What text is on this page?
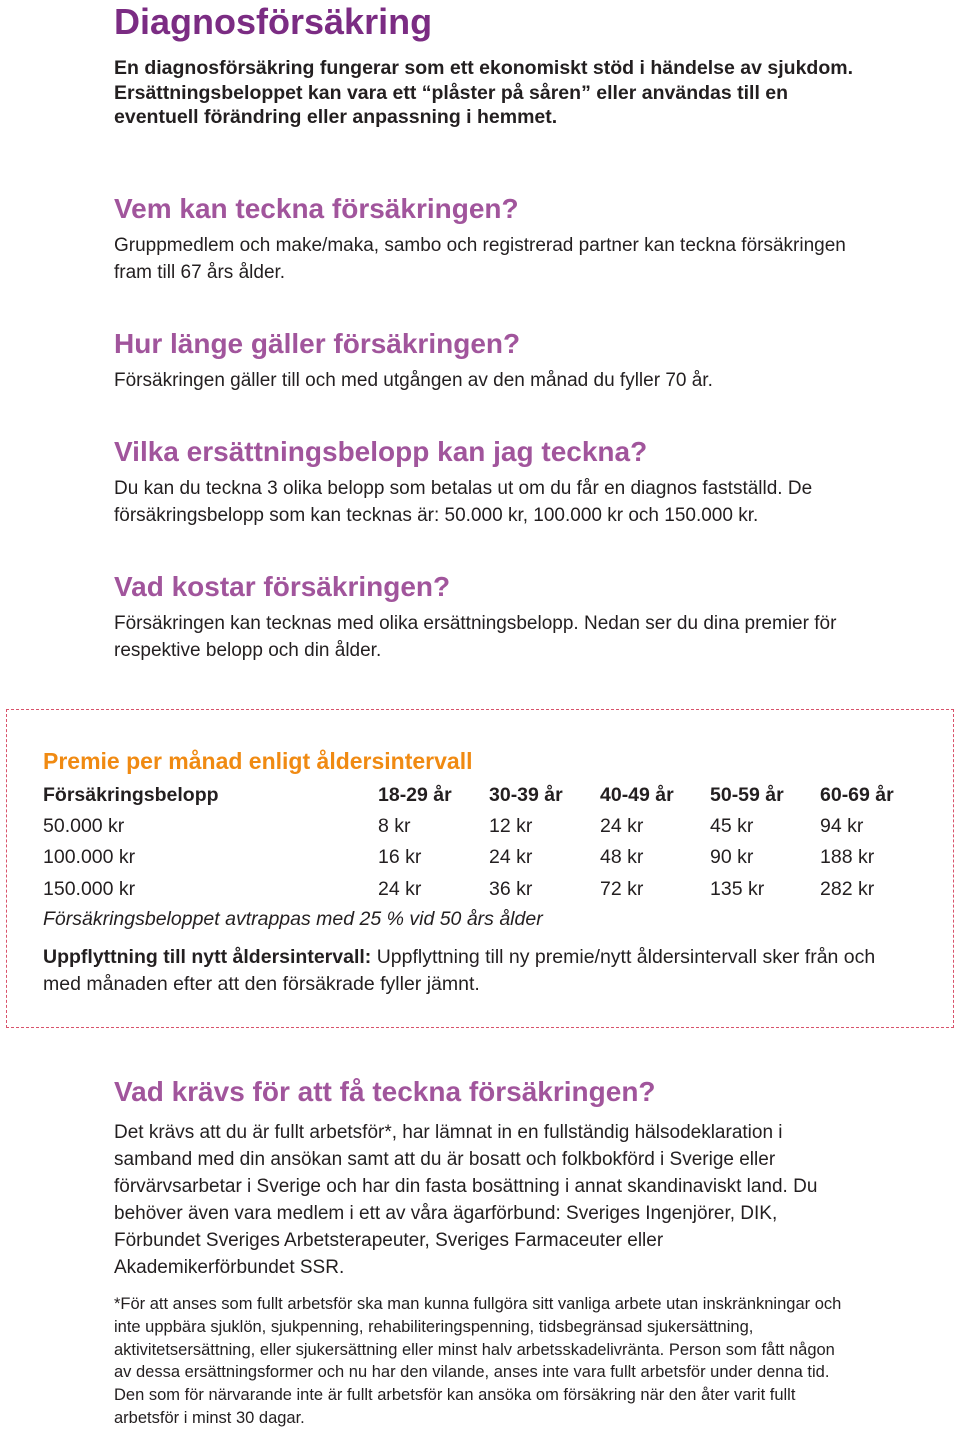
Diagnosförsäkring

En diagnosförsäkring fungerar som ett ekonomiskt stöd i händelse av sjukdom. Ersättningsbeloppet kan vara ett “plåster på såren” eller användas till en eventuell förändring eller anpassning i hemmet.

Vem kan teckna försäkringen?

Gruppmedlem och make/maka, sambo och registrerad partner kan teckna försäkringen fram till 67 års ålder.

Hur länge gäller försäkringen?

Försäkringen gäller till och med utgången av den månad du fyller 70 år.

Vilka ersättningsbelopp kan jag teckna?

Du kan du teckna 3 olika belopp som betalas ut om du får en diagnos fastställd. De försäkringsbelopp som kan tecknas är: 50.000 kr, 100.000 kr och 150.000 kr.

Vad kostar försäkringen?

Försäkringen kan tecknas med olika ersättningsbelopp. Nedan ser du dina premier för respektive belopp och din ålder.

Premie per månad enligt åldersintervall
Försäkringsbelopp	18-29 år	30-39 år	40-49 år	50-59 år	60-69 år
50.000 kr	8 kr	12 kr	24 kr	45 kr	94 kr
100.000 kr	16 kr	24 kr	48 kr	90 kr	188 kr
150.000 kr	24 kr	36 kr	72 kr	135 kr	282 kr
Försäkringsbeloppet avtrappas med 25 % vid 50 års ålder

Uppflyttning till nytt åldersintervall: Uppflyttning till ny premie/nytt åldersintervall sker från och med månaden efter att den försäkrade fyller jämnt.

Vad krävs för att få teckna försäkringen?

Det krävs att du är fullt arbetsför*, har lämnat in en fullständig hälsodeklaration i samband med din ansökan samt att du är bosatt och folkbokförd i Sverige eller förvärvsarbetar i Sverige och har din fasta bosättning i annat skandinaviskt land. Du behöver även vara medlem i ett av våra ägarförbund: Sveriges Ingenjörer, DIK, Förbundet Sveriges Arbetsterapeuter, Sveriges Farmaceuter eller Akademikerförbundet SSR.

*För att anses som fullt arbetsför ska man kunna fullgöra sitt vanliga arbete utan inskränkningar och inte uppbära sjuklön, sjukpenning, rehabiliteringspenning, tidsbegränsad sjukersättning, aktivitetsersättning, eller sjukersättning eller minst halv arbetsskadelivränta. Person som fått någon av dessa ersättningsformer och nu har den vilande, anses inte vara fullt arbetsför under denna tid. Den som för närvarande inte är fullt arbetsför kan ansöka om försäkring när den åter varit fullt arbetsför i minst 30 dagar.
